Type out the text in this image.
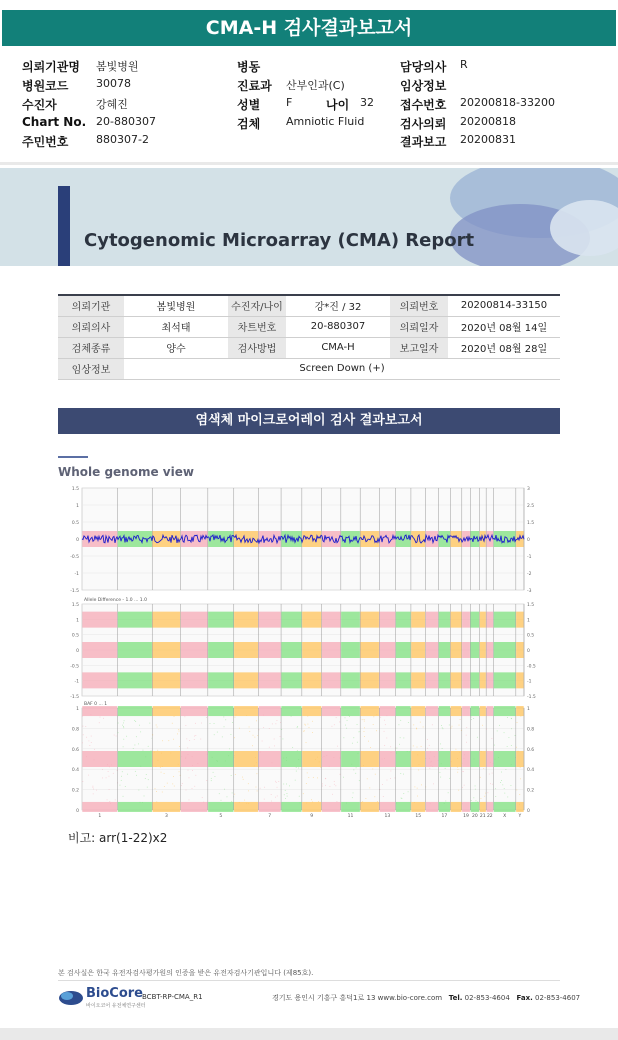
CMA-H 검사결과보고서
의뢰기관명 봄빛병원
병원코드	30078
수진자	강혜진
Chart No. 20-880307
주민번호	880307-2
병동
진료과 산부인과(C)
성별 F	나이 32
검체 Amniotic Fluid
담당의사 R
임상정보
접수번호 20200818-33200
검사의뢰 20200818
결과보고 20200831
Cytogenomic Microarray (CMA) Report
의뢰기관	봄빛병원	수진자/나이	강*진 / 32	의뢰번호	20200814-33150
의뢰의사	최석태	차트번호	20-880307	의뢰일자	2020년 08월 14일
검체종류	양수	검사방법	CMA-H	보고일자	2020년 08월 28일
임상정보	Screen Down (+)				
염색체 마이크로어레이 검사 결과보고서
Whole genome view
1.5	3
1	2.5
0.5	1.5
0	0
-0.5	-1
-1	-2
-1.5	-3
1.5	1.5
1	1
0.5	0.5
0	0
-0.5	-0.5
-1	-1
-1.5	-1.5
Allele Difference - 1.0 ... 1.0
1	1
0.8	0.8
0.6	0.6
0.4	0.4
0.2	0.2
0	0
BAF 0 ... 1
1	3	5	7	9	11	13	15	17	19 20 21 22 X	Y
비고: arr(1-22)x2
본 검사실은 한국 유전자검사평가원의 인증을 받은 유전자검사기관입니다 (제85호).
BioCore
바이오코어 유전체연구센터
BCBT-RP-CMA_R1	경기도 용인시 기흥구 흥덕1로 13 www.bio-core.com Tel. 02-853-4604 Fax. 02-853-4607
